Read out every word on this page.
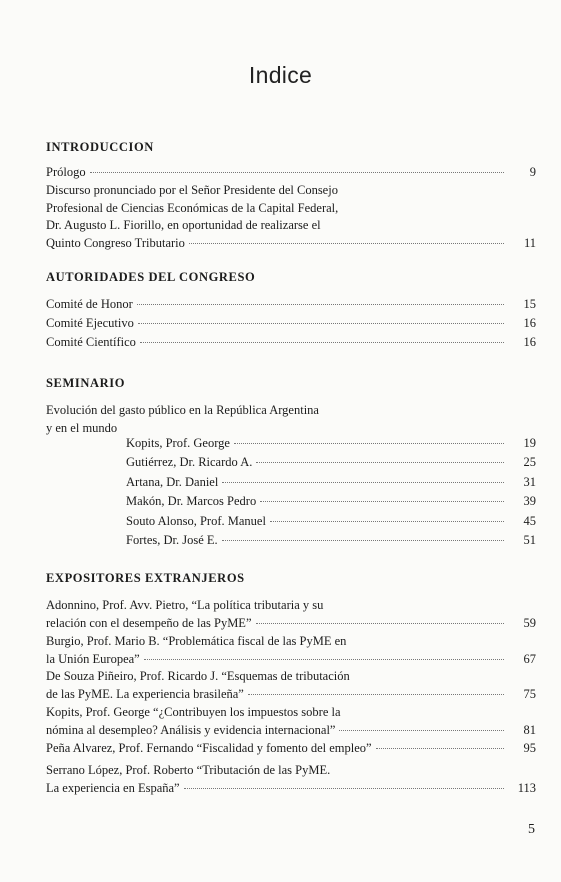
Indice
INTRODUCCION
Prólogo	9
Discurso pronunciado por el Señor Presidente del Consejo
Profesional de Ciencias Económicas de la Capital Federal,
Dr. Augusto L. Fiorillo, en oportunidad de realizarse el
Quinto Congreso Tributario	11
AUTORIDADES DEL CONGRESO
Comité de Honor	15
Comité Ejecutivo	16
Comité Científico	16
SEMINARIO
Evolución del gasto público en la República Argentina
y en el mundo
Kopits, Prof. George	19
Gutiérrez, Dr. Ricardo A.	25
Artana, Dr. Daniel	31
Makón, Dr. Marcos Pedro	39
Souto Alonso, Prof. Manuel	45
Fortes, Dr. José E.	51
EXPOSITORES EXTRANJEROS
Adonnino, Prof. Avv. Pietro, “La política tributaria y su
relación con el desempeño de las PyME”	59
Burgio, Prof. Mario B. “Problemática fiscal de las PyME en
la Unión Europea”	67
De Souza Piñeiro, Prof. Ricardo J. “Esquemas de tributación
de las PyME. La experiencia brasileña”	75
Kopits, Prof. George “¿Contribuyen los impuestos sobre la
nómina al desempleo? Análisis y evidencia internacional”	81
Peña Alvarez, Prof. Fernando “Fiscalidad y fomento del empleo”	95
Serrano López, Prof. Roberto “Tributación de las PyME.
La experiencia en España”	113
5
